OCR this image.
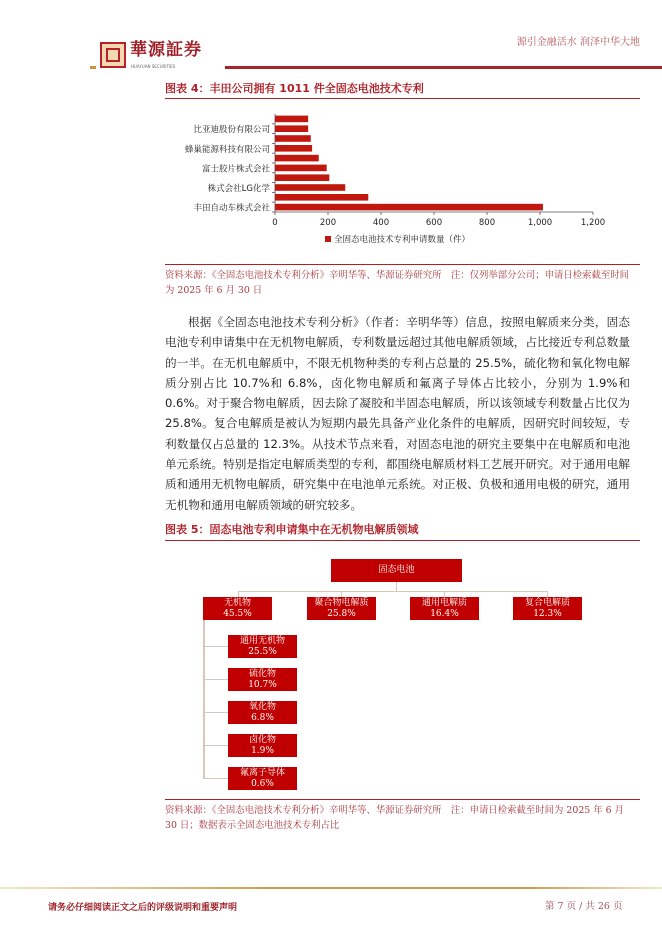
華源証券
HUAYUAN SECURITIES
源引金融活水 润泽中华大地
图表 4：丰田公司拥有 1011 件全固态电池技术专利
丰田自动车株式会社
株式会社LG化学
富士胶片株式会社
蜂巢能源科技有限公司
比亚迪股份有限公司
0	200	400	600	800	1,000	1,200
全固态电池技术专利申请数量（件）
资料来源：《全固态电池技术专利分析》辛明华等、华源证券研究所　注：仅列举部分公司；申请日检索截至时间为 2025 年 6 月 30 日
根据《全固态电池技术专利分析》（作者：辛明华等）信息，按照电解质来分类，固态电池专利申请集中在无机物电解质，专利数量远超过其他电解质领域，占比接近专利总数量的一半。在无机电解质中，不限无机物种类的专利占总量的 25.5%，硫化物和氧化物电解质分别占比 10.7%和 6.8%，卤化物电解质和氟离子导体占比较小，分别为 1.9%和 0.6%。对于聚合物电解质，因去除了凝胶和半固态电解质，所以该领域专利数量占比仅为 25.8%。复合电解质是被认为短期内最先具备产业化条件的电解质，因研究时间较短，专利数量仅占总量的 12.3%。从技术节点来看，对固态电池的研究主要集中在电解质和电池单元系统。特别是指定电解质类型的专利，都围绕电解质材料工艺展开研究。对于通用电解质和通用无机物电解质，研究集中在电池单元系统。对正极、负极和通用电极的研究，通用无机物和通用电解质领域的研究较多。
图表 5：固态电池专利申请集中在无机物电解质领域
固态电池
无机物
45.5%
聚合物电解质
25.8%
通用电解质
16.4%
复合电解质
12.3%
通用无机物
25.5%
硫化物
10.7%
氧化物
6.8%
卤化物
1.9%
氟离子导体
0.6%
资料来源：《全固态电池技术专利分析》辛明华等、华源证券研究所　注：申请日检索截至时间为 2025 年 6 月 30 日；数据表示全固态电池技术专利占比
请务必仔细阅读正文之后的评级说明和重要声明	第 7 页 / 共 26 页
